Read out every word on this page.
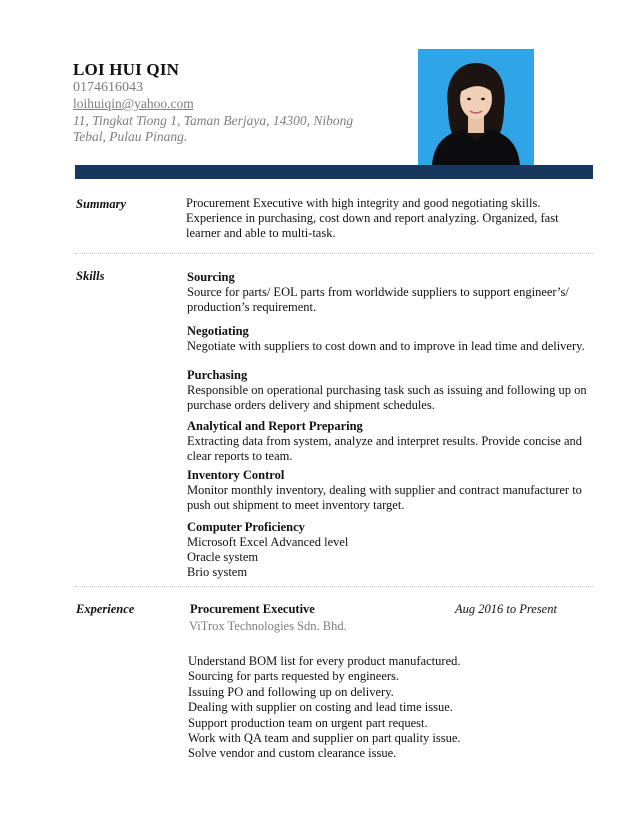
LOI HUI QIN
0174616043
loihuiqin@yahoo.com
11, Tingkat Tiong 1, Taman Berjaya, 14300, Nibong Tebal, Pulau Pinang.
Summary	Procurement Executive with high integrity and good negotiating skills. Experience in purchasing, cost down and report analyzing. Organized, fast learner and able to multi-task.
Skills	Sourcing
Source for parts/ EOL parts from worldwide suppliers to support engineer’s/ production’s requirement.
Negotiating
Negotiate with suppliers to cost down and to improve in lead time and delivery.
Purchasing
Responsible on operational purchasing task such as issuing and following up on purchase orders delivery and shipment schedules.
Analytical and Report Preparing
Extracting data from system, analyze and interpret results. Provide concise and clear reports to team.
Inventory Control
Monitor monthly inventory, dealing with supplier and contract manufacturer to push out shipment to meet inventory target.
Computer Proficiency
Microsoft Excel Advanced level
Oracle system
Brio system
Experience	Procurement Executive	Aug 2016 to Present
ViTrox Technologies Sdn. Bhd.
Understand BOM list for every product manufactured.
Sourcing for parts requested by engineers.
Issuing PO and following up on delivery.
Dealing with supplier on costing and lead time issue.
Support production team on urgent part request.
Work with QA team and supplier on part quality issue.
Solve vendor and custom clearance issue.
